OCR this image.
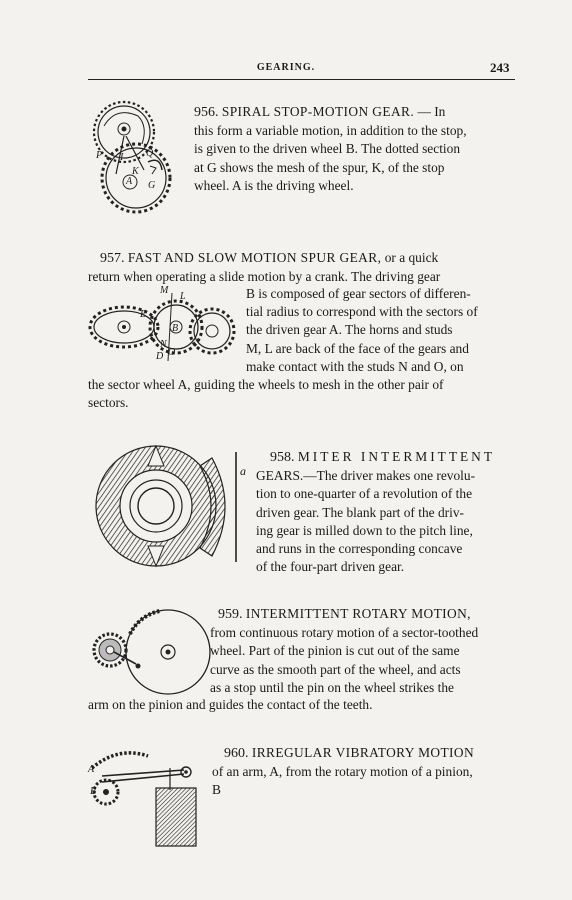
GEARING.	243
P I
K
Q
A G

956. SPIRAL STOP-MOTION GEAR. — In
this form a variable motion, in addition to the stop,
is given to the driven wheel B. The dotted section
at G shows the mesh of the spur, K, of the stop
wheel. A is the driving wheel.

957. FAST AND SLOW MOTION SPUR GEAR, or a quick
return when operating a slide motion by a crank. The driving gear

M
L
E
B
N
O
D

B is composed of gear sectors of differen-
tial radius to correspond with the sectors of
the driven gear A. The horns and studs
M, L are back of the face of the gears and
make contact with the studs N and O, on

the sector wheel A, guiding the wheels to mesh in the other pair of
sectors.

a

958. MITER INTERMITTENT
GEARS.—The driver makes one revolu-
tion to one-quarter of a revolution of the
driven gear. The blank part of the driv-
ing gear is milled down to the pitch line,
and runs in the corresponding concave
of the four-part driven gear.

959. INTERMITTENT ROTARY MOTION,
from continuous rotary motion of a sector-toothed
wheel. Part of the pinion is cut out of the same
curve as the smooth part of the wheel, and acts
as a stop until the pin on the wheel strikes the

arm on the pinion and guides the contact of the teeth.

A
B

960. IRREGULAR VIBRATORY MOTION
of an arm, A, from the rotary motion of a pinion,
B
